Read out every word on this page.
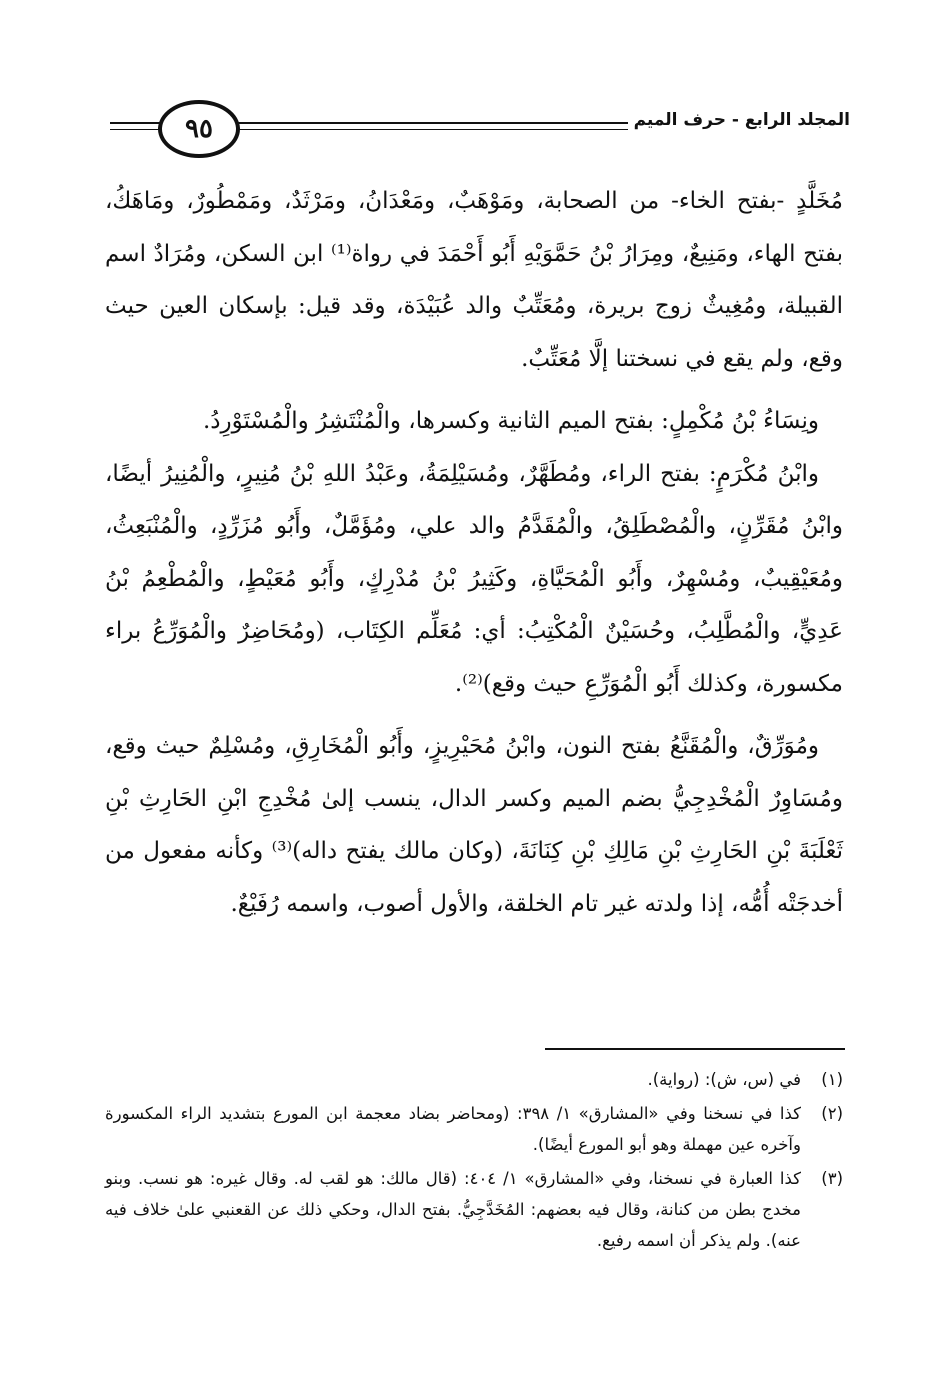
المجلد الرابع - حرف الميم
٩٥

مُخَلَّدٍ -بفتح الخاء- من الصحابة، ومَوْهَبٌ، ومَعْدَانُ، ومَرْثَدٌ، ومَمْطُورٌ، ومَاهَكُ، بفتح الهاء، ومَنِيعٌ، ومِرَارُ بْنُ حَمَّوَيْهِ أَبُو أَحْمَدَ في رواة⁽¹⁾ ابن السكن، ومُرَادٌ اسم القبيلة، ومُغِيثٌ زوج بريرة، ومُعَتِّبٌ والد عُبَيْدَة، وقد قيل: بإسكان العين حيث وقع، ولم يقع في نسختنا إلَّا مُعَتِّبٌ.

ونِسَاءُ بْنُ مُكْمِلٍ: بفتح الميم الثانية وكسرها، والْمُنْتَشِرُ والْمُسْتَوْرِدُ.

وابْنُ مُكْرَمٍ: بفتح الراء، ومُطَهَّرٌ، ومُسَيْلِمَةُ، وعَبْدُ اللهِ بْنُ مُنِيرٍ، والْمُنِيرُ أيضًا، وابْنُ مُقَرِّنٍ، والْمُصْطَلِقُ، والْمُقَدَّمُ والد علي، ومُؤَمَّلٌ، وأَبُو مُزَرِّدٍ، والْمُنْبَعِثُ، ومُعَيْقِيبٌ، ومُسْهِرٌ، وأَبُو الْمُحَيَّاةِ، وكَثِيرُ بْنُ مُدْرِكٍ، وأَبُو مُعَيْطٍ، والْمُطْعِمُ بْنُ عَدِيٍّ، والْمُطَّلِبُ، وحُسَيْنٌ الْمُكْتِبُ: أي: مُعَلِّم الكِتَاب، (ومُحَاضِرٌ والْمُوَرِّعُ براء مكسورة، وكذلك أَبُو الْمُوَرِّعِ حيث وقع)⁽²⁾.

ومُوَرِّقٌ، والْمُقَنَّعُ بفتح النون، وابْنُ مُحَيْرِيزٍ، وأَبُو الْمُخَارِقِ، ومُسْلِمٌ حيث وقع، ومُسَاوِرٌ الْمُخْدِجِيُّ بضم الميم وكسر الدال، ينسب إلىٰ مُخْدِجِ ابْنِ الحَارِثِ بْنِ ثَعْلَبَةَ بْنِ الحَارِثِ بْنِ مَالِكِ بْنِ كِنَانَةَ، (وكان مالك يفتح داله)⁽³⁾ وكأنه مفعول من أخدجَتْه أُمُّه، إذا ولدته غير تام الخلقة، والأول أصوب، واسمه رُفَيْعٌ.

(١)
في (س، ش): (رواية).
(٢)
كذا في نسخنا وفي «المشارق» ١/ ٣٩٨: (ومحاضر بضاد معجمة ابن المورع بتشديد الراء المكسورة وآخره عين مهملة وهو أبو المورع أيضًا).
(٣)
كذا العبارة في نسخنا، وفي «المشارق» ١/ ٤٠٤: (قال مالك: هو لقب له. وقال غيره: هو نسب. وبنو مخدج بطن من كنانة، وقال فيه بعضهم: المُخَدَّجِيُّ. بفتح الدال، وحكي ذلك عن القعنبي علىٰ خلاف فيه عنه). ولم يذكر أن اسمه رفيع.
